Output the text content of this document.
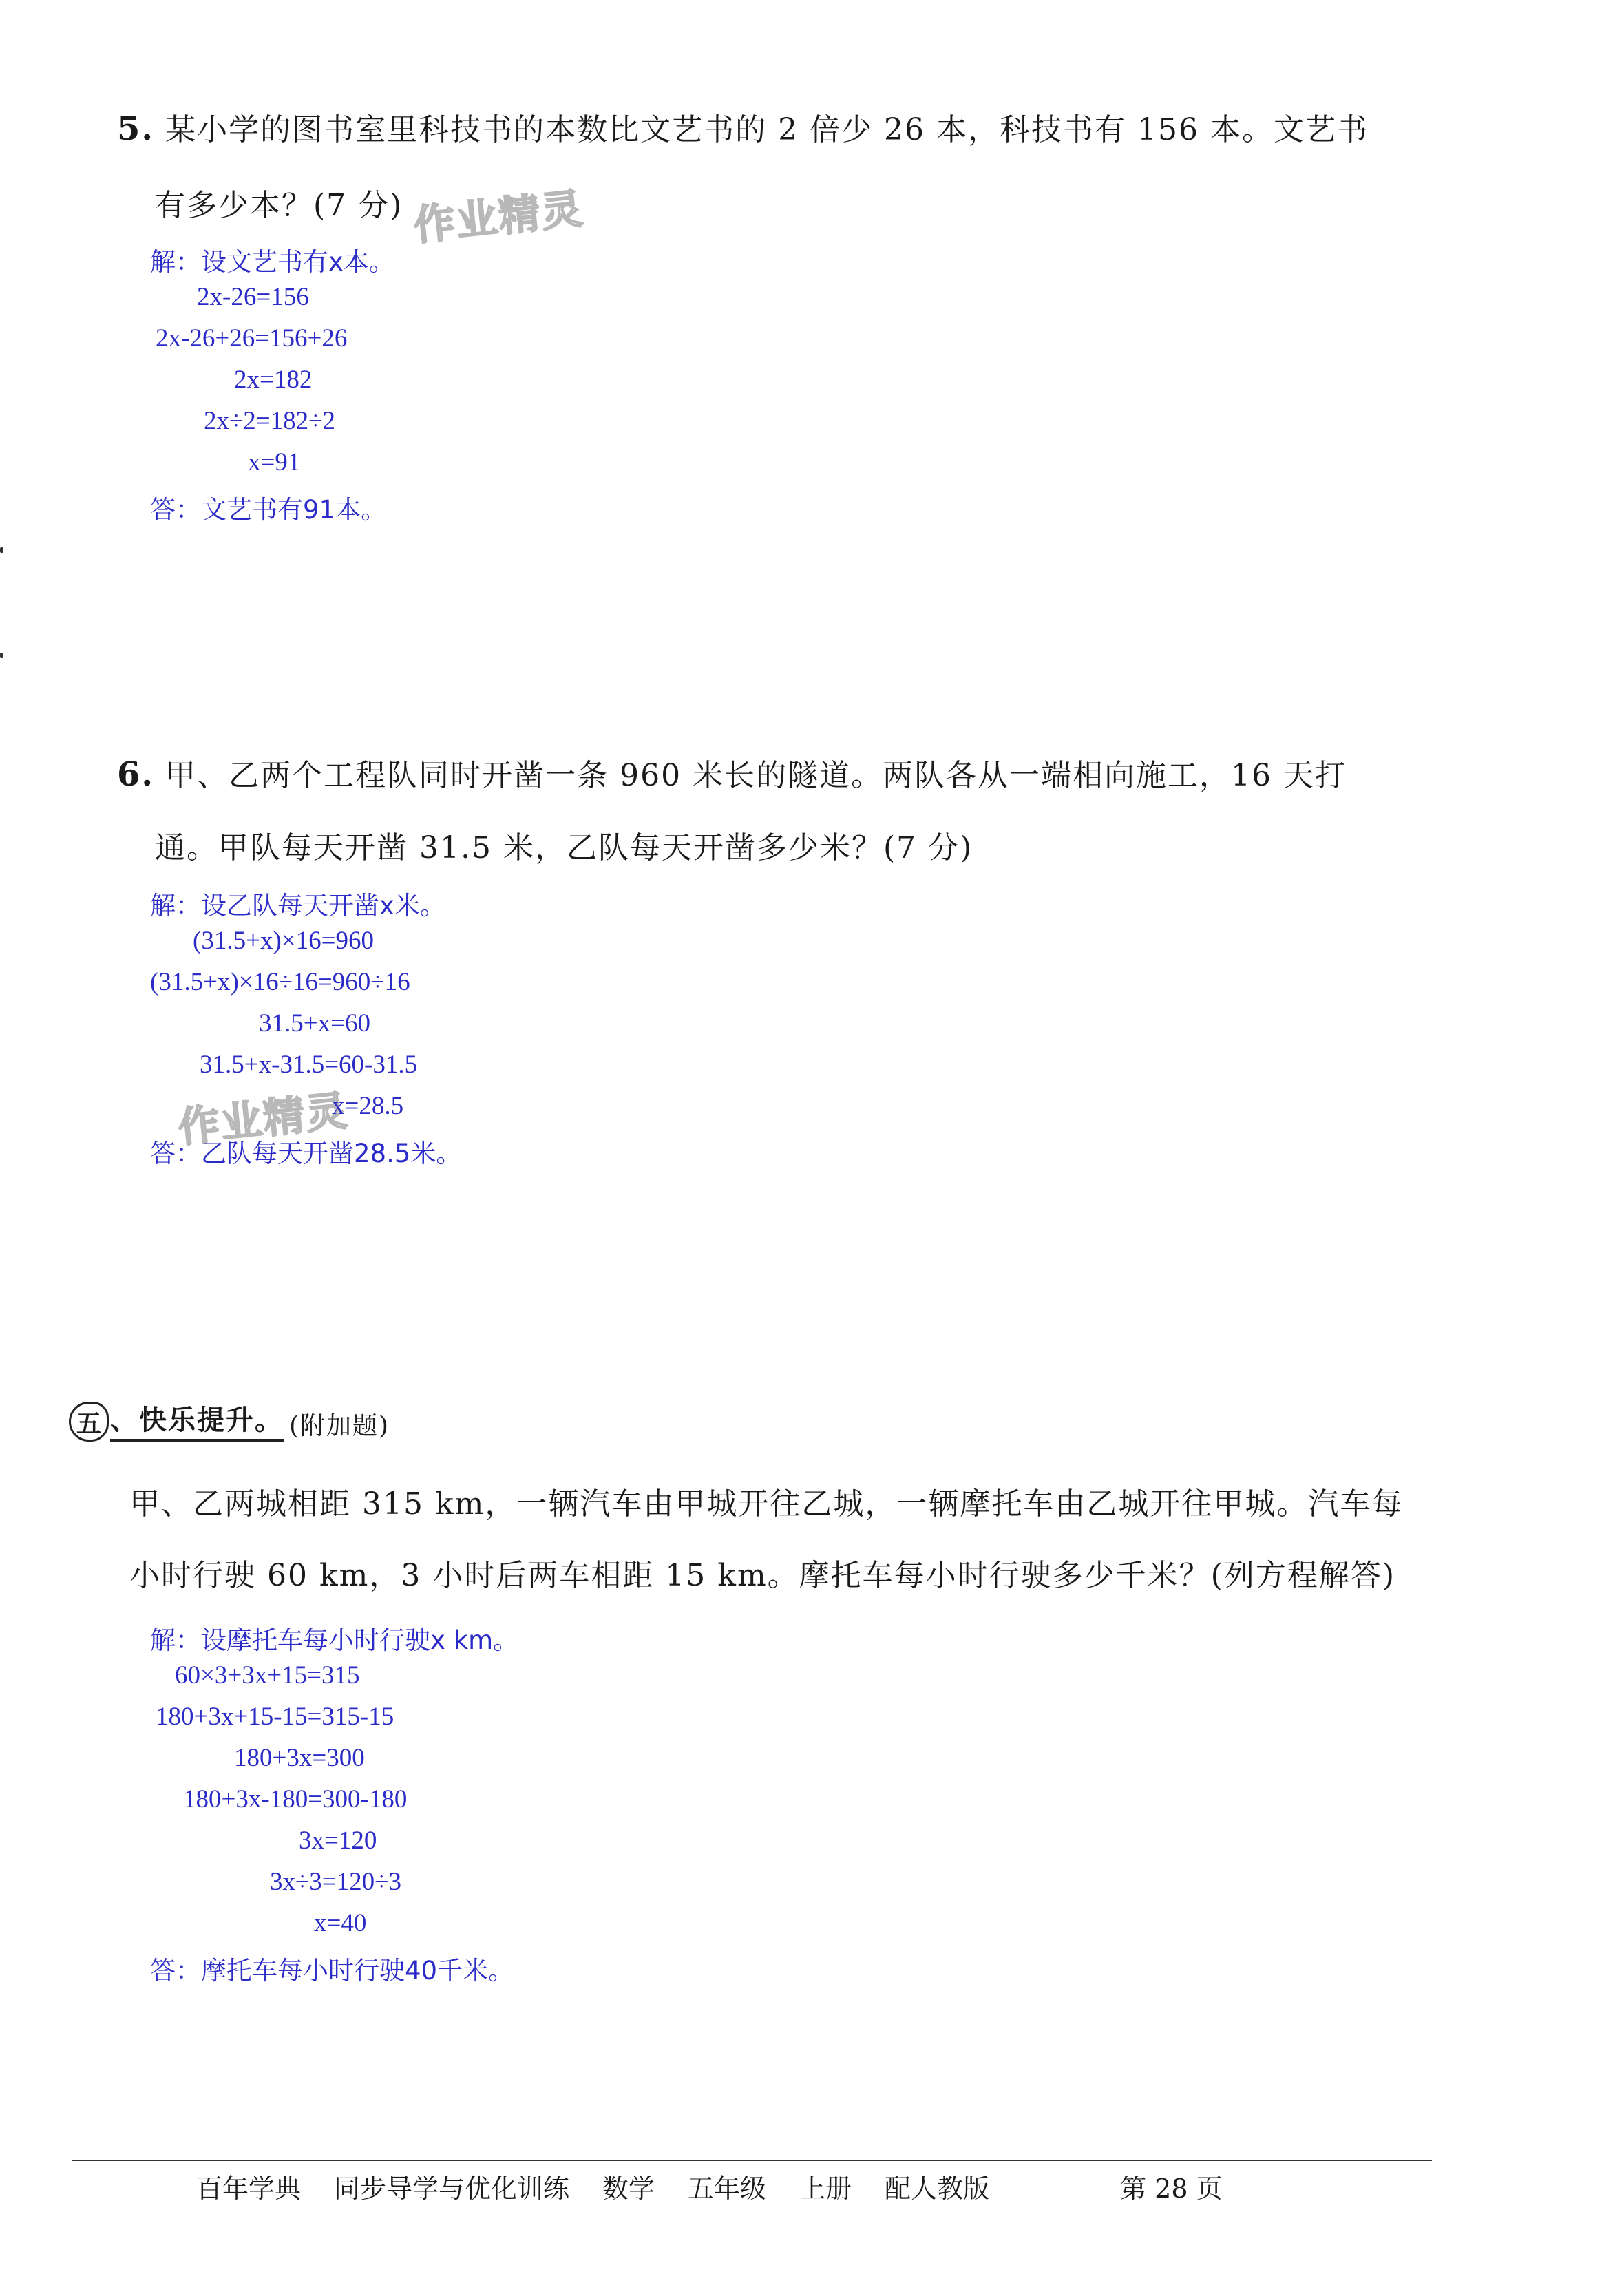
5. 某小学的图书室里科技书的本数比文艺书的 2 倍少 26 本，科技书有 156 本。文艺书
有多少本？(7 分) 作业精灵
解：设文艺书有x本。
2x-26=156
2x-26+26=156+26
2x=182
2x÷2=182÷2
x=91
答：文艺书有91本。
6. 甲、乙两个工程队同时开凿一条 960 米长的隧道。两队各从一端相向施工，16 天打
通。甲队每天开凿 31.5 米，乙队每天开凿多少米？(7 分)
解：设乙队每天开凿x米。
(31.5+x)×16=960
(31.5+x)×16÷16=960÷16
31.5+x=60
31.5+x-31.5=60-31.5
作业精灵
x=28.5
答：乙队每天开凿28.5米。
五 、快乐提升。 (附加题)
甲、乙两城相距 315 km，一辆汽车由甲城开往乙城，一辆摩托车由乙城开往甲城。汽车每
小时行驶 60 km，3 小时后两车相距 15 km。摩托车每小时行驶多少千米？(列方程解答)
解：设摩托车每小时行驶x km。
60×3+3x+15=315
180+3x+15-15=315-15
180+3x=300
180+3x-180=300-180
3x=120
3x÷3=120÷3
x=40
答：摩托车每小时行驶40千米。
百年学典 同步导学与优化训练 数学 五年级 上册 配人教版	第 28 页
